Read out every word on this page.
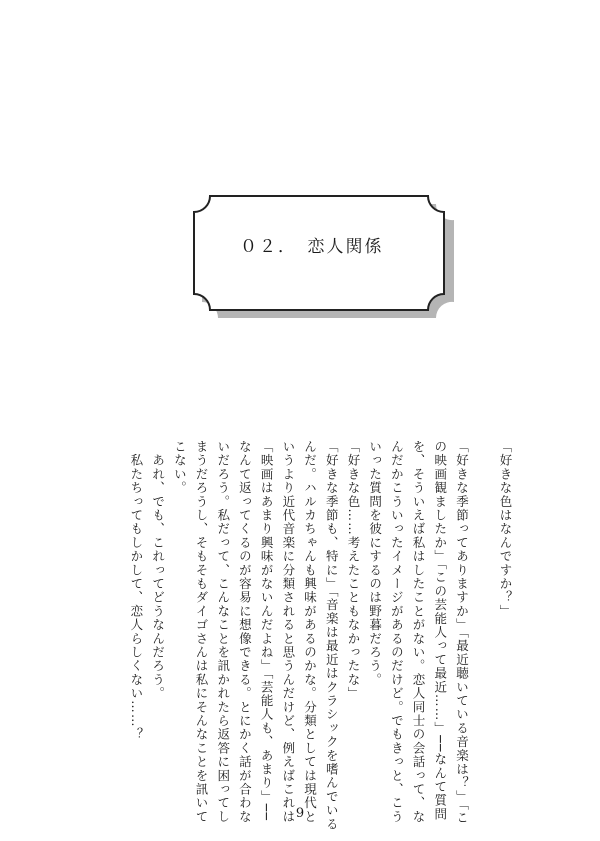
０２．　恋人関係

「好きな色はなんですか？」

「好きな季節ってありますか」「最近聴いている音楽は？」「こ

の映画観ましたか」「この芸能人って最近……」──なんて質問

を、そういえば私はしたことがない。恋人同士の会話って、な

んだかこういったイメージがあるのだけど。でもきっと、こう

いった質問を彼にするのは野暮だろう。

「好きな色……考えたこともなかったな」

「好きな季節も、特に」「音楽は最近はクラシックを嗜んでいる

んだ。ハルカちゃんも興味があるのかな。分類としては現代と

いうより近代音楽に分類されると思うんだけど、例えばこれは

「映画はあまり興味がないんだよね」「芸能人も、あまり」──

なんて返ってくるのが容易に想像できる。とにかく話が合わな

いだろう。私だって、こんなことを訊かれたら返答に困ってし

まうだろうし、そもそもダイゴさんは私にそんなことを訊いて

こない。

　あれ、でも、これってどうなんだろう。

　私たちってもしかして、恋人らしくない……？

9
